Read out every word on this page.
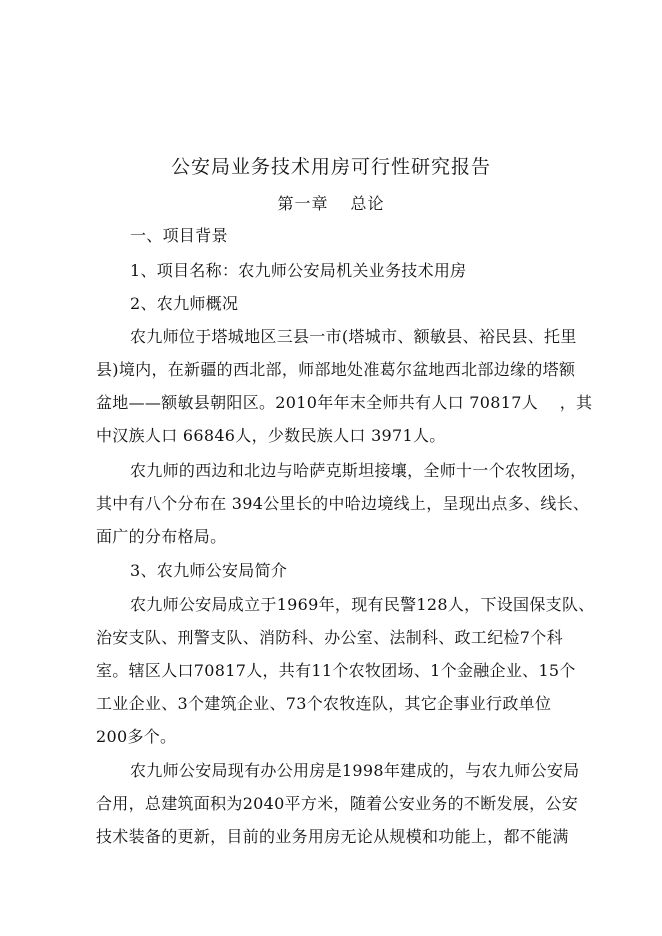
公安局业务技术用房可行性研究报告
第一章 总论
一、项目背景
1、项目名称：农九师公安局机关业务技术用房
2、农九师概况
农九师位于塔城地区三县一市(塔城市、额敏县、裕民县、托里
县)境内，在新疆的西北部，师部地处准葛尔盆地西北部边缘的塔额
盆地——额敏县朝阳区。2010年年末全师共有人口 70817人　 ，其
中汉族人口 66846人，少数民族人口 3971人。
农九师的西边和北边与哈萨克斯坦接壤，全师十一个农牧团场，
其中有八个分布在 394公里长的中哈边境线上，呈现出点多、线长、
面广的分布格局。
3、农九师公安局简介
农九师公安局成立于1969年，现有民警128人，下设国保支队、
治安支队、刑警支队、消防科、办公室、法制科、政工纪检7个科
室。辖区人口70817人，共有11个农牧团场、1个金融企业、15个
工业企业、3个建筑企业、73个农牧连队，其它企事业行政单位
200多个。
农九师公安局现有办公用房是1998年建成的，与农九师公安局
合用，总建筑面积为2040平方米，随着公安业务的不断发展，公安
技术装备的更新，目前的业务用房无论从规模和功能上，都不能满
